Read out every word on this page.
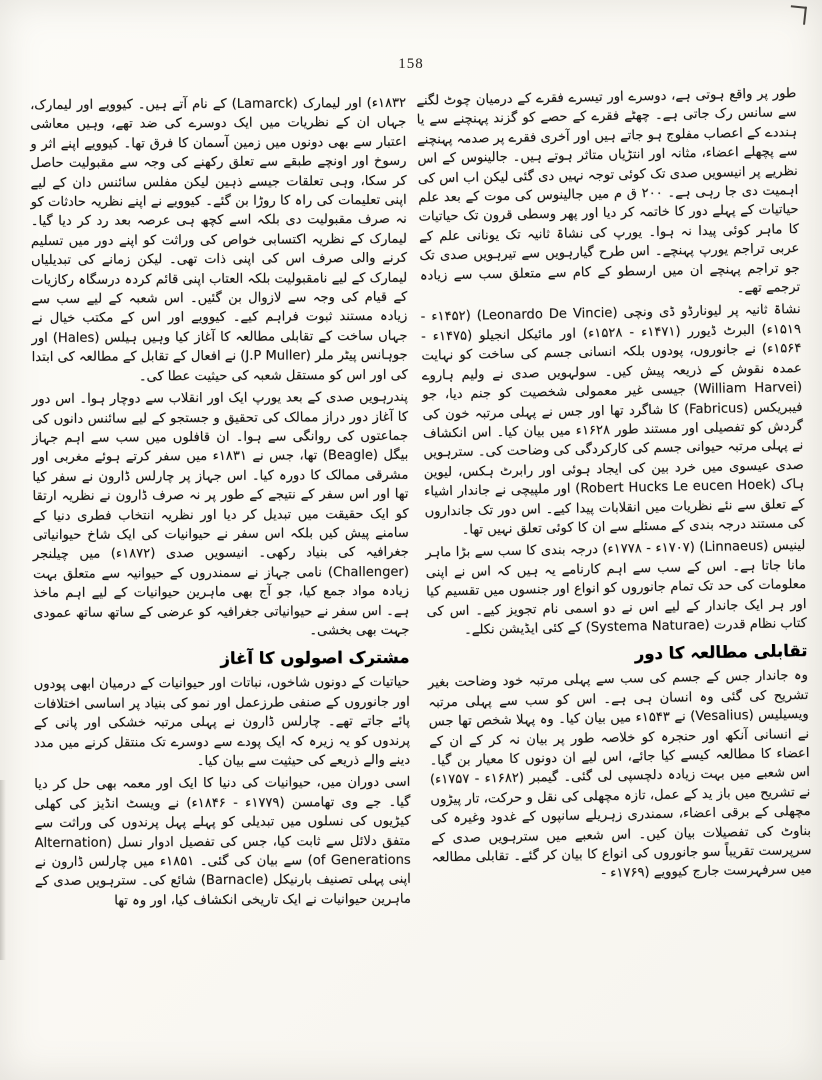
158

طور پر واقع ہوتی ہے، دوسرے اور تیسرے فقرے کے درمیان چوٹ لگنے سے سانس رک جاتی ہے۔ چھٹے فقرے کے حصے کو گزند پہنچنے سے یا ہنددے کے اعصاب مفلوج ہو جاتے ہیں اور آخری فقرے پر صدمہ پہنچنے سے پچھلے اعضاء، مثانہ اور انتڑیاں متاثر ہوتے ہیں۔ جالینوس کے اس نظریے پر انیسویں صدی تک کوئی توجہ نہیں دی گئی لیکن اب اس کی اہمیت دی جا رہی ہے۔ ۲۰۰ ق م میں جالینوس کی موت کے بعد علم حیاتیات کے پہلے دور کا خاتمہ کر دیا اور پھر وسطی قرون تک حیاتیات کا ماہر کوئی پیدا نہ ہوا۔ یورپ کی نشاۃ ثانیہ تک یونانی علم کے عربی تراجم یورپ پہنچے۔ اس طرح گیارہویں سے تیرہویں صدی تک جو تراجم پہنچے ان میں ارسطو کے کام سے متعلق سب سے زیادہ ترجمے تھے۔

نشاۃ ثانیہ پر لیونارڈو ڈی ونچی (Leonardo De Vincie) (۱۴۵۲ء - ۱۵۱۹ء) البرٹ ڈیورر (۱۴۷۱ء - ۱۵۲۸ء) اور مائیکل انجیلو (۱۴۷۵ء - ۱۵۶۴ء) نے جانوروں، پودوں بلکہ انسانی جسم کی ساخت کو نہایت عمدہ نقوش کے ذریعہ پیش کیں۔ سولہویں صدی نے ولیم ہاروے (William Harvei) جیسی غیر معمولی شخصیت کو جنم دیا، جو فیبریکس (Fabricus) کا شاگرد تھا اور جس نے پہلی مرتبہ خون کی گردش کو تفصیلی اور مستند طور ۱۶۲۸ء میں بیان کیا۔ اس انکشاف نے پہلی مرتبہ حیوانی جسم کی کارکردگی کی وضاحت کی۔ سترہویں صدی عیسوی میں خرد بین کی ایجاد ہوئی اور رابرٹ ہکس، لیوین ہاک (Robert Hucks Le eucen Hoek) اور ملپیچی نے جاندار اشیاء کے تعلق سے نئے نظریات میں انقلابات پیدا کیے۔ اس دور تک جانداروں کی مستند درجہ بندی کے مسئلے سے ان کا کوئی تعلق نہیں تھا۔

لینیس (Linnaeus) (۱۷۰۷ء - ۱۷۷۸ء) درجہ بندی کا سب سے بڑا ماہر مانا جاتا ہے۔ اس کے سب سے اہم کارنامے یہ ہیں کہ اس نے اپنی معلومات کی حد تک تمام جانوروں کو انواع اور جنسوں میں تقسیم کیا اور ہر ایک جاندار کے لیے اس نے دو اسمی نام تجویز کیے۔ اس کی کتاب نظام قدرت (Systema Naturae) کے کئی ایڈیشن نکلے۔

تقابلی مطالعہ کا دور

وہ جاندار جس کے جسم کی سب سے پہلی مرتبہ خود وضاحت بغیر تشریح کی گئی وہ انسان ہی ہے۔ اس کو سب سے پہلی مرتبہ ویسیلیس (Vesalius) نے ۱۵۴۳ء میں بیان کیا۔ وہ پہلا شخص تھا جس نے انسانی آنکھ اور حنجرہ کو خلاصہ طور پر بیان نہ کر کے ان کے اعضاء کا مطالعہ کیسے کیا جائے، اس لیے ان دونوں کا معیار بن گیا۔ اس شعبے میں بہت زیادہ دلچسپی لی گئی۔ گیمبر (۱۶۸۲ء - ۱۷۵۷ء) نے تشریح میں باز يد کے عمل، تازہ مچھلی کی نقل و حرکت، تار پیڑوں مچھلی کے برقی اعضاء، سمندری زہریلے سانپوں کے غدود وغیرہ کی بناوٹ کی تفصیلات بیان کیں۔ اس شعبے میں سترہویں صدی کے سرپرست تقریباً سو جانوروں کی انواع کا بیان کر گئے۔ تقابلی مطالعہ میں سرفہرست جارج کیوویے (۱۷۶۹ء -

۱۸۳۲ء) اور لیمارک (Lamarck) کے نام آتے ہیں۔ کیوویے اور لیمارک، جہاں ان کے نظریات میں ایک دوسرے کی ضد تھے، وہیں معاشی اعتبار سے بھی دونوں میں زمین آسمان کا فرق تھا۔ کیوویے اپنے اثر و رسوخ اور اونچے طبقے سے تعلق رکھنے کی وجہ سے مقبولیت حاصل کر سکا، وہی تعلقات جیسے ذہین لیکن مفلس سائنس دان کے لیے اپنی تعلیمات کی راہ کا روڑا بن گئے۔ کیوویے نے اپنے نظریہ حادثات کو نہ صرف مقبولیت دی بلکہ اسے کچھ ہی عرصہ بعد رد کر دیا گیا۔ لیمارک کے نظریہ اکتسابی خواص کی وراثت کو اپنے دور میں تسلیم کرنے والی صرف اس کی اپنی ذات تھی۔ لیکن زمانے کی تبدیلیاں لیمارک کے لیے نامقبولیت بلکہ العتاب اپنی قائم کردہ درسگاہ رکازیات کے قیام کی وجہ سے لازوال بن گئیں۔ اس شعبہ کے لیے سب سے زیادہ مستند ثبوت فراہم کیے۔ کیوویے اور اس کے مکتب خیال نے جہاں ساخت کے تقابلی مطالعہ کا آغاز کیا وہیں ہیلس (Hales) اور جوہانس پیٹر ملر (J.P Muller) نے افعال کے تقابل کے مطالعہ کی ابتدا کی اور اس کو مستقل شعبہ کی حیثیت عطا کی۔

پندرہویں صدی کے بعد یورپ ایک اور انقلاب سے دوچار ہوا۔ اس دور کا آغاز دور دراز ممالک کی تحقیق و جستجو کے لیے سائنس دانوں کی جماعتوں کی روانگی سے ہوا۔ ان قافلوں میں سب سے اہم جہاز بیگل (Beagle) تھا، جس نے ۱۸۳۱ء میں سفر کرتے ہوئے مغربی اور مشرقی ممالک کا دورہ کیا۔ اس جہاز پر چارلس ڈارون نے سفر کیا تھا اور اس سفر کے نتیجے کے طور پر نہ صرف ڈارون نے نظریہ ارتقا کو ایک حقیقت میں تبدیل کر دیا اور نظریہ انتخاب فطری دنیا کے سامنے پیش کیں بلکہ اس سفر نے حیوانیات کی ایک شاخ حیوانیاتی جغرافیہ کی بنیاد رکھی۔ انیسویں صدی (۱۸۷۲ء) میں چیلنجر (Challenger) نامی جہاز نے سمندروں کے حیوانیہ سے متعلق بہت زیادہ مواد جمع کیا، جو آج بھی ماہرین حیوانیات کے لیے اہم ماخذ ہے۔ اس سفر نے حیوانیاتی جغرافیہ کو عرضی کے ساتھ ساتھ عمودی جہت بھی بخشی۔

مشترک اصولوں کا آغاز

حیاتیات کے دونوں شاخوں، نباتات اور حیوانیات کے درمیان ابھی پودوں اور جانوروں کے صنفی طرزعمل اور نمو کی بنیاد پر اساسی اختلافات پائے جاتے تھے۔ چارلس ڈارون نے پہلی مرتبہ خشکی اور پانی کے پرندوں کو یہ زیرہ کہ ایک پودے سے دوسرے تک منتقل کرنے میں مدد دینے والے ذریعے کی حیثیت سے بیان کیا۔

اسی دوران میں، حیوانیات کی دنیا کا ایک اور معمہ بھی حل کر دیا گیا۔ جے وی تھامسن (۱۷۷۹ء - ۱۸۴۶ء) نے ویسٹ انڈیز کی کھلی کیڑیوں کی نسلوں میں تبدیلی کو پہلے پہل پرندوں کی وراثت سے متفق دلائل سے ثابت کیا، جس کی تفصیل ادوار نسل (Alternation of Generations) سے بیان کی گئی۔ ۱۸۵۱ء میں چارلس ڈارون نے اپنی پہلی تصنیف بارنیکل (Barnacle) شائع کی۔ سترہویں صدی کے ماہرین حیوانیات نے ایک تاریخی انکشاف کیا، اور وہ تھا
